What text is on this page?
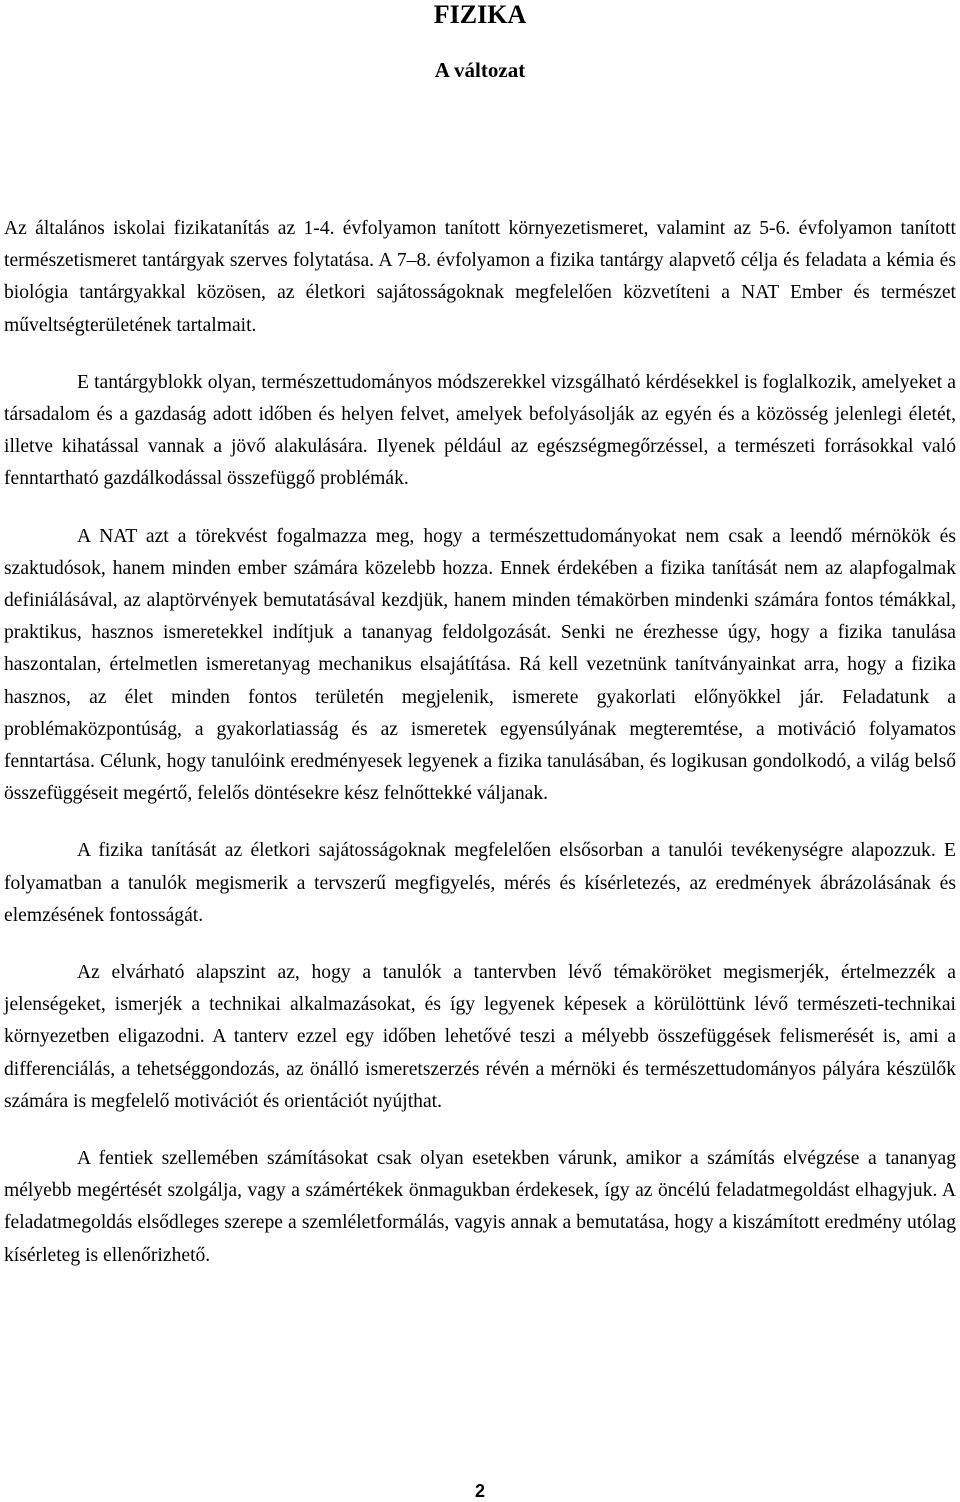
FIZIKA
A változat

Az általános iskolai fizikatanítás az 1-4. évfolyamon tanított környezetismeret, valamint az 5-6. évfolyamon tanított természetismeret tantárgyak szerves folytatása. A 7–8. évfolyamon a fizika tantárgy alapvető célja és feladata a kémia és biológia tantárgyakkal közösen, az életkori sajátosságoknak megfelelően közvetíteni a NAT Ember és természet műveltségterületének tartalmait.

E tantárgyblokk olyan, természettudományos módszerekkel vizsgálható kérdésekkel is foglalkozik, amelyeket a társadalom és a gazdaság adott időben és helyen felvet, amelyek befolyásolják az egyén és a közösség jelenlegi életét, illetve kihatással vannak a jövő alakulására. Ilyenek például az egészségmegőrzéssel, a természeti forrásokkal való fenntartható gazdálkodással összefüggő problémák.

A NAT azt a törekvést fogalmazza meg, hogy a természettudományokat nem csak a leendő mérnökök és szaktudósok, hanem minden ember számára közelebb hozza. Ennek érdekében a fizika tanítását nem az alapfogalmak definiálásával, az alaptörvények bemutatásával kezdjük, hanem minden témakörben mindenki számára fontos témákkal, praktikus, hasznos ismeretekkel indítjuk a tananyag feldolgozását. Senki ne érezhesse úgy, hogy a fizika tanulása haszontalan, értelmetlen ismeretanyag mechanikus elsajátítása. Rá kell vezetnünk tanítványainkat arra, hogy a fizika hasznos, az élet minden fontos területén megjelenik, ismerete gyakorlati előnyökkel jár. Feladatunk a problémaközpontúság, a gyakorlatiasság és az ismeretek egyensúlyának megteremtése, a motiváció folyamatos fenntartása. Célunk, hogy tanulóink eredményesek legyenek a fizika tanulásában, és logikusan gondolkodó, a világ belső összefüggéseit megértő, felelős döntésekre kész felnőttekké váljanak.

A fizika tanítását az életkori sajátosságoknak megfelelően elsősorban a tanulói tevékenységre alapozzuk. E folyamatban a tanulók megismerik a tervszerű megfigyelés, mérés és kísérletezés, az eredmények ábrázolásának és elemzésének fontosságát.

Az elvárható alapszint az, hogy a tanulók a tantervben lévő témaköröket megismerjék, értelmezzék a jelenségeket, ismerjék a technikai alkalmazásokat, és így legyenek képesek a körülöttünk lévő természeti-technikai környezetben eligazodni. A tanterv ezzel egy időben lehetővé teszi a mélyebb összefüggések felismerését is, ami a differenciálás, a tehetséggondozás, az önálló ismeretszerzés révén a mérnöki és természettudományos pályára készülők számára is megfelelő motivációt és orientációt nyújthat.

A fentiek szellemében számításokat csak olyan esetekben várunk, amikor a számítás elvégzése a tananyag mélyebb megértését szolgálja, vagy a számértékek önmagukban érdekesek, így az öncélú feladatmegoldást elhagyjuk. A feladatmegoldás elsődleges szerepe a szemléletformálás, vagyis annak a bemutatása, hogy a kiszámított eredmény utólag kísérleteg is ellenőrizhető.

2
